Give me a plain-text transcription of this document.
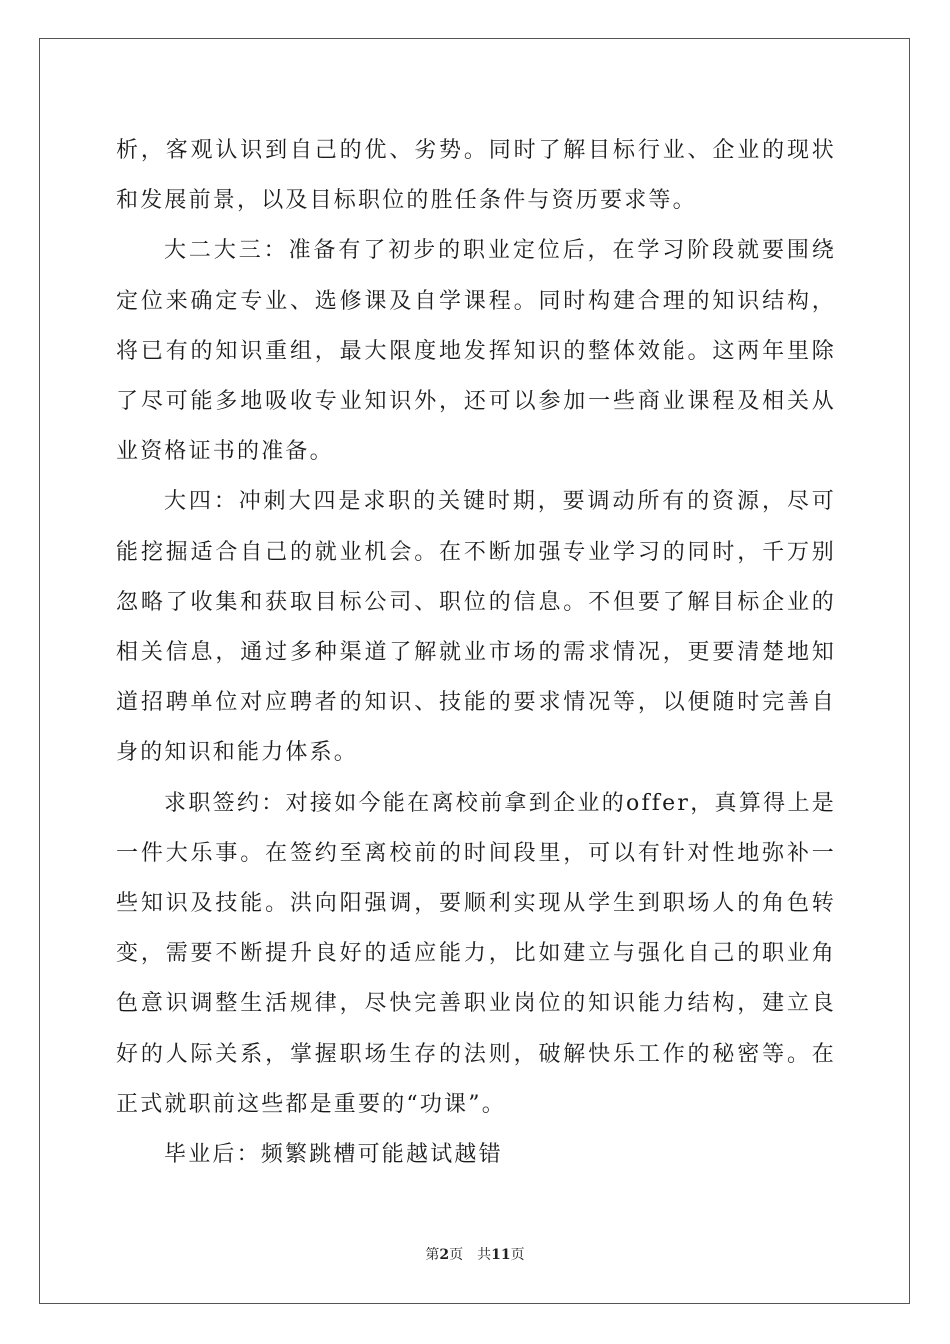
析，客观认识到自己的优、劣势。同时了解目标行业、企业的现状和发展前景，以及目标职位的胜任条件与资历要求等。

大二大三：准备有了初步的职业定位后，在学习阶段就要围绕定位来确定专业、选修课及自学课程。同时构建合理的知识结构，将已有的知识重组，最大限度地发挥知识的整体效能。这两年里除了尽可能多地吸收专业知识外，还可以参加一些商业课程及相关从业资格证书的准备。

大四：冲刺大四是求职的关键时期，要调动所有的资源，尽可能挖掘适合自己的就业机会。在不断加强专业学习的同时，千万别忽略了收集和获取目标公司、职位的信息。不但要了解目标企业的相关信息，通过多种渠道了解就业市场的需求情况，更要清楚地知道招聘单位对应聘者的知识、技能的要求情况等，以便随时完善自身的知识和能力体系。

求职签约：对接如今能在离校前拿到企业的offer，真算得上是一件大乐事。在签约至离校前的时间段里，可以有针对性地弥补一些知识及技能。洪向阳强调，要顺利实现从学生到职场人的角色转变，需要不断提升良好的适应能力，比如建立与强化自己的职业角色意识调整生活规律，尽快完善职业岗位的知识能力结构，建立良好的人际关系，掌握职场生存的法则，破解快乐工作的秘密等。在正式就职前这些都是重要的“功课”。

毕业后：频繁跳槽可能越试越错

第2页 共11页
